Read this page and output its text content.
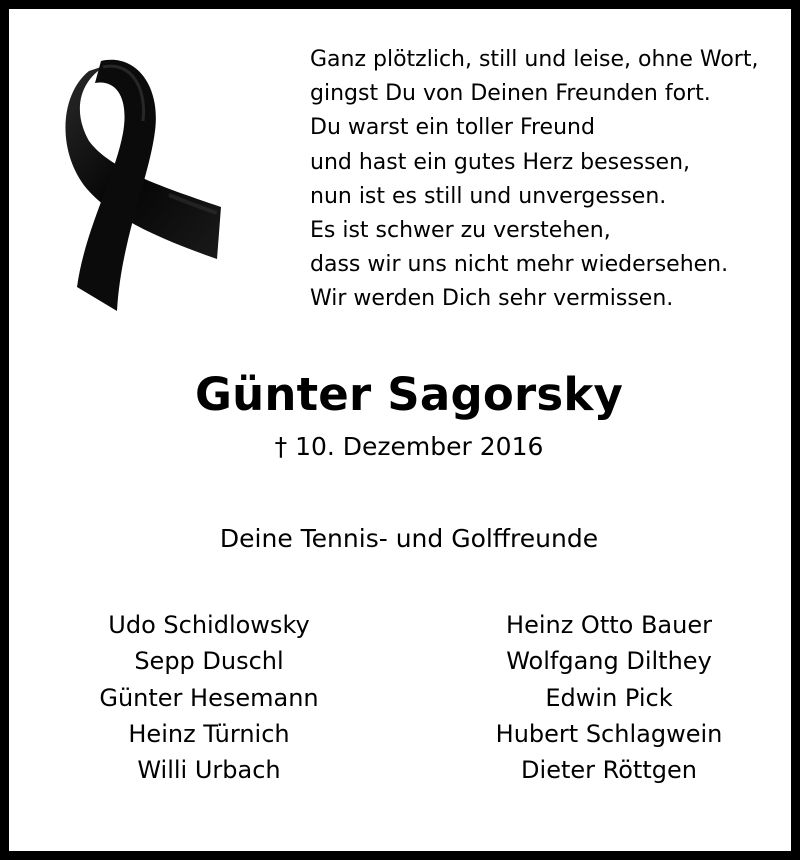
Ganz plötzlich, still und leise, ohne Wort,
gingst Du von Deinen Freunden fort.
Du warst ein toller Freund
und hast ein gutes Herz besessen,
nun ist es still und unvergessen.
Es ist schwer zu verstehen,
dass wir uns nicht mehr wiedersehen.
Wir werden Dich sehr vermissen.
Günter Sagorsky
† 10. Dezember 2016
Deine Tennis- und Golffreunde
Udo Schidlowsky
Sepp Duschl
Günter Hesemann
Heinz Türnich
Willi Urbach
Heinz Otto Bauer
Wolfgang Dilthey
Edwin Pick
Hubert Schlagwein
Dieter Röttgen
